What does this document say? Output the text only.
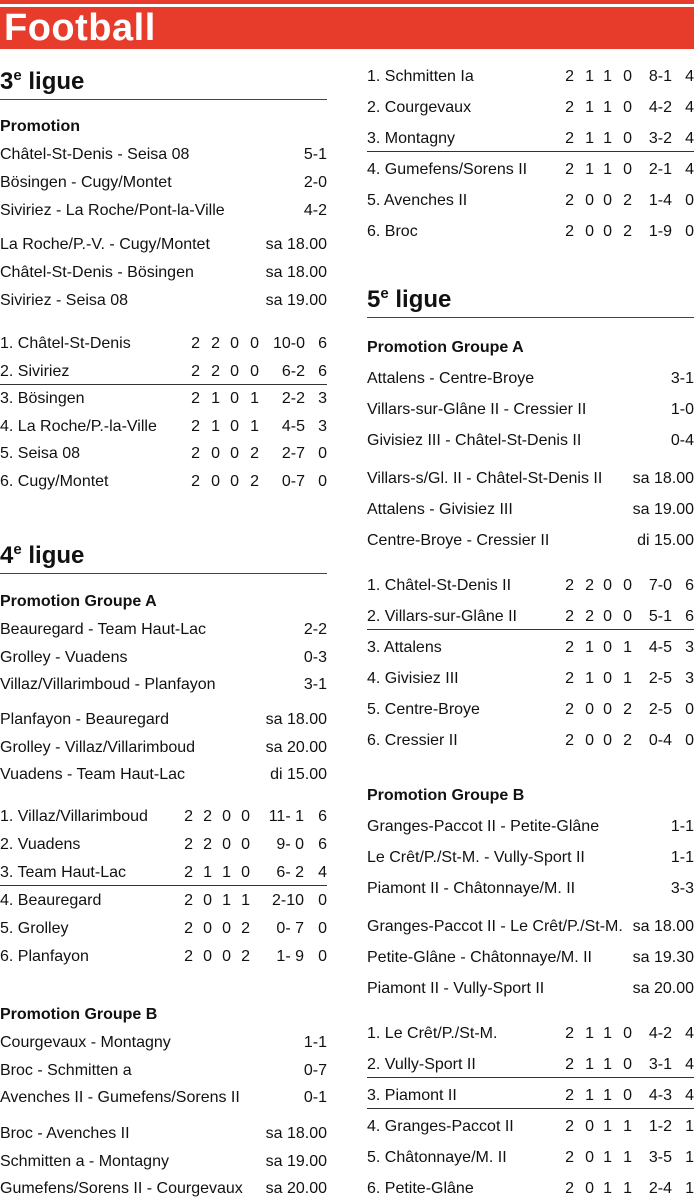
Football
3e ligue
Promotion
Châtel-St-Denis - Seisa 08	5-1
Bösingen - Cugy/Montet	2-0
Siviriez - La Roche/Pont-la-Ville	4-2
La Roche/P.-V. - Cugy/Montet	sa 18.00
Châtel-St-Denis - Bösingen	sa 18.00
Siviriez - Seisa 08	sa 19.00
1. Châtel-St-Denis	2 2 0 0 10-0 6
2. Siviriez	2 2 0 0 6-2 6
3. Bösingen	2 1 0 1 2-2 3
4. La Roche/P.-la-Ville 2 1 0 1 4-5 3
5. Seisa 08	2 0 0 2 2-7 0
6. Cugy/Montet	2 0 0 2 0-7 0
4e ligue
Promotion Groupe A
Beauregard - Team Haut-Lac	2-2
Grolley - Vuadens	0-3
Villaz/Villarimboud - Planfayon	3-1
Planfayon - Beauregard	sa 18.00
Grolley - Villaz/Villarimboud	sa 20.00
Vuadens - Team Haut-Lac	di 15.00
1. Villaz/Villarimboud 2 2 0 0 11- 1 6
2. Vuadens	2 2 0 0 9- 0 6
3. Team Haut-Lac	2 1 1 0 6- 2 4
4. Beauregard	2 0 1 1 2-10 0
5. Grolley	2 0 0 2 0- 7 0
6. Planfayon	2 0 0 2 1- 9 0
Promotion Groupe B
Courgevaux - Montagny	1-1
Broc - Schmitten a	0-7
Avenches II - Gumefens/Sorens II	0-1
Broc - Avenches II	sa 18.00
Schmitten a - Montagny	sa 19.00
Gumefens/Sorens II - Courgevaux sa 20.00
1. Schmitten Ia	2 1 1 0 8-1 4
2. Courgevaux	2 1 1 0 4-2 4
3. Montagny	2 1 1 0 3-2 4
4. Gumefens/Sorens II 2 1 1 0 2-1 4
5. Avenches II	2 0 0 2 1-4 0
6. Broc	2 0 0 2 1-9 0
5e ligue
Promotion Groupe A
Attalens - Centre-Broye	3-1
Villars-sur-Glâne II - Cressier II	1-0
Givisiez III - Châtel-St-Denis II	0-4
Villars-s/Gl. II - Châtel-St-Denis II sa 18.00
Attalens - Givisiez III	sa 19.00
Centre-Broye - Cressier II	di 15.00
1. Châtel-St-Denis II	2 2 0 0 7-0 6
2. Villars-sur-Glâne II	2 2 0 0 5-1 6
3. Attalens	2 1 0 1 4-5 3
4. Givisiez III	2 1 0 1 2-5 3
5. Centre-Broye	2 0 0 2 2-5 0
6. Cressier II	2 0 0 2 0-4 0
Promotion Groupe B
Granges-Paccot II - Petite-Glâne	1-1
Le Crêt/P./St-M. - Vully-Sport II	1-1
Piamont II - Châtonnaye/M. II	3-3
Granges-Paccot II - Le Crêt/P./St-M. sa 18.00
Petite-Glâne - Châtonnaye/M. II	sa 19.30
Piamont II - Vully-Sport II	sa 20.00
1. Le Crêt/P./St-M.	2 1 1 0 4-2 4
2. Vully-Sport II	2 1 1 0 3-1 4
3. Piamont II	2 1 1 0 4-3 4
4. Granges-Paccot II	2 0 1 1 1-2 1
5. Châtonnaye/M. II	2 0 1 1 3-5 1
6. Petite-Glâne	2 0 1 1 2-4 1
